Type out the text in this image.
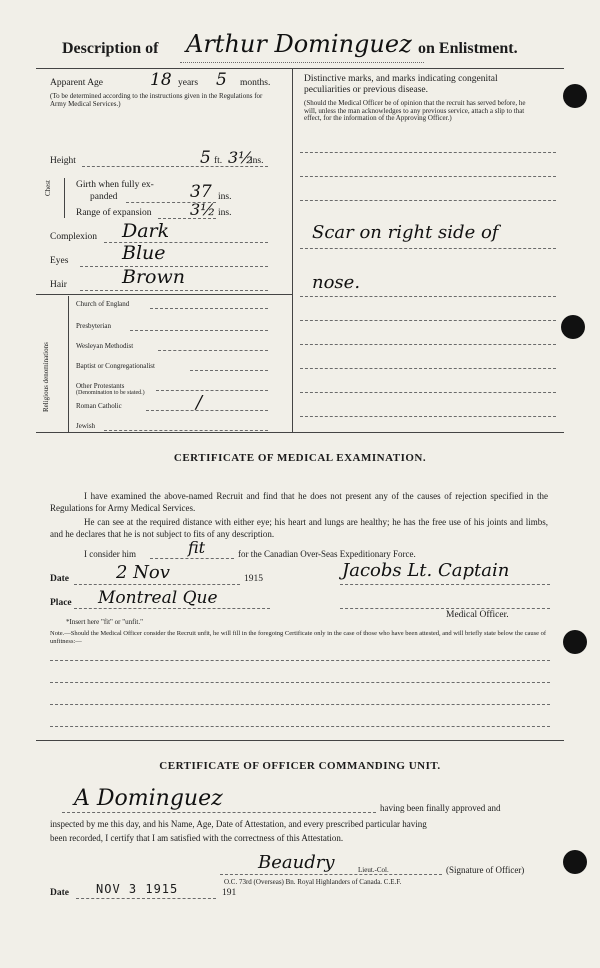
Description of Arthur Dominguez on Enlistment.
Apparent Age	18 years 5 months.
(To be determined according to the instructions given in the Regulations for Army Medical Services.)
Distinctive marks, and marks indicating congenital peculiarities or previous disease.
(Should the Medical Officer be of opinion that the recruit has served before, he will, unless the man acknowledges to any previous service, attach a slip to that effect, for the information of the Approving Officer.)
Scar on right side of
nose.
Height	5 ft. 3½
ins.
Chest	Girth when fully ex-
panded	37 ins.
Range of expansion 3½ ins.
Complexion Dark
Eyes	Blue
Hair	Brown
Religious denominations
Church of England
Presbyterian
Wesleyan Methodist
Baptist or Congregationalist
Other Protestants
(Denomination to be stated.)
Roman Catholic	/
Jewish
CERTIFICATE OF MEDICAL EXAMINATION.
I have examined the above-named Recruit and find that he does not present any of the causes of rejection specified in the Regulations for Army Medical Services.
He can see at the required distance with either eye; his heart and lungs are healthy; he has the free use of his joints and limbs, and he declares that he is not subject to fits of any description.
I consider him	fit	for the Canadian Over-Seas Expeditionary Force.
Date	2 Nov	1915	Jacobs Lt. Captain
Place Montreal Que
Medical Officer.
*Insert here "fit" or "unfit."
Note.—Should the Medical Officer consider the Recruit unfit, he will fill in the foregoing Certificate only in the case of those who have been attested, and will briefly state below the cause of unfitness:—
CERTIFICATE OF OFFICER COMMANDING UNIT.
A Dominguez	having been finally approved and
inspected by me this day, and his Name, Age, Date of Attestation, and every prescribed particular having
been recorded, I certify that I am satisfied with the correctness of this Attestation.
Beaudry	Lieut.-Col.	(Signature of Officer)
O.C. 73rd (Overseas) Bn. Royal Highlanders of Canada. C.E.F.
Date NOV 3 1915	191
